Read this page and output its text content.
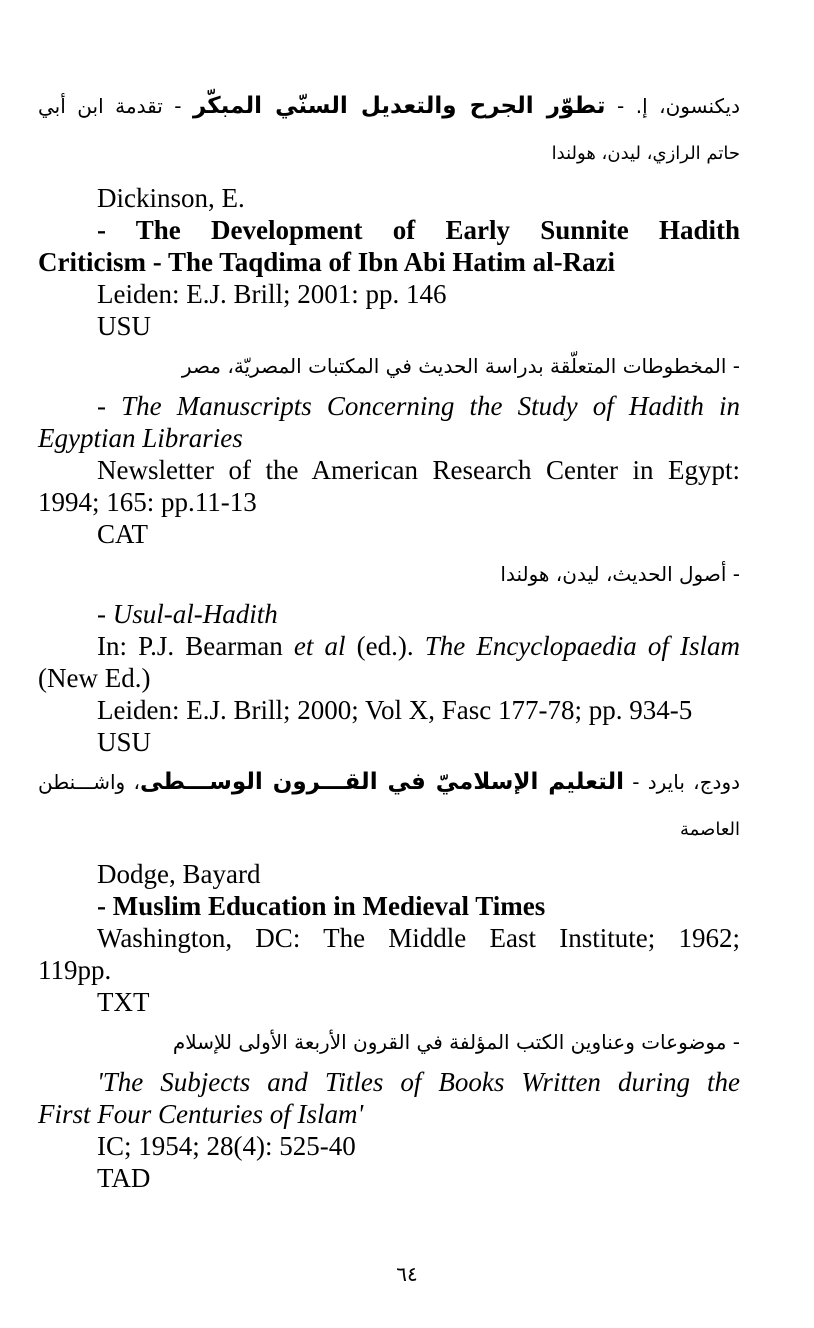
ديكنسون، إ. - تطوّر الجرح والتعديل السنّي المبكّر - تقدمة ابن أبي
حاتم الرازي، ليدن، هولندا
Dickinson, E.
- The Development of Early Sunnite Hadith
Criticism - The Taqdima of Ibn Abi Hatim al-Razi
Leiden: E.J. Brill; 2001: pp. 146
USU
- المخطوطات المتعلّقة بدراسة الحديث في المكتبات المصريّة، مصر
- The Manuscripts Concerning the Study of Hadith in
Egyptian Libraries
Newsletter of the American Research Center in Egypt:
1994; 165: pp.11-13
CAT
- أصول الحديث، ليدن، هولندا
- Usul-al-Hadith
In: P.J. Bearman et al (ed.). The Encyclopaedia of Islam
(New Ed.)
Leiden: E.J. Brill; 2000; Vol X, Fasc 177-78; pp. 934-5
USU
دودج، بايرد - التعليم الإسلاميّ في القـــرون الوســـطى، واشـــنطن
العاصمة
Dodge, Bayard
- Muslim Education in Medieval Times
Washington, DC: The Middle East Institute; 1962;
119pp.
TXT
- موضوعات وعناوين الكتب المؤلفة في القرون الأربعة الأولى للإسلام
'The Subjects and Titles of Books Written during the
First Four Centuries of Islam'
IC; 1954; 28(4): 525-40
TAD
٦٤
